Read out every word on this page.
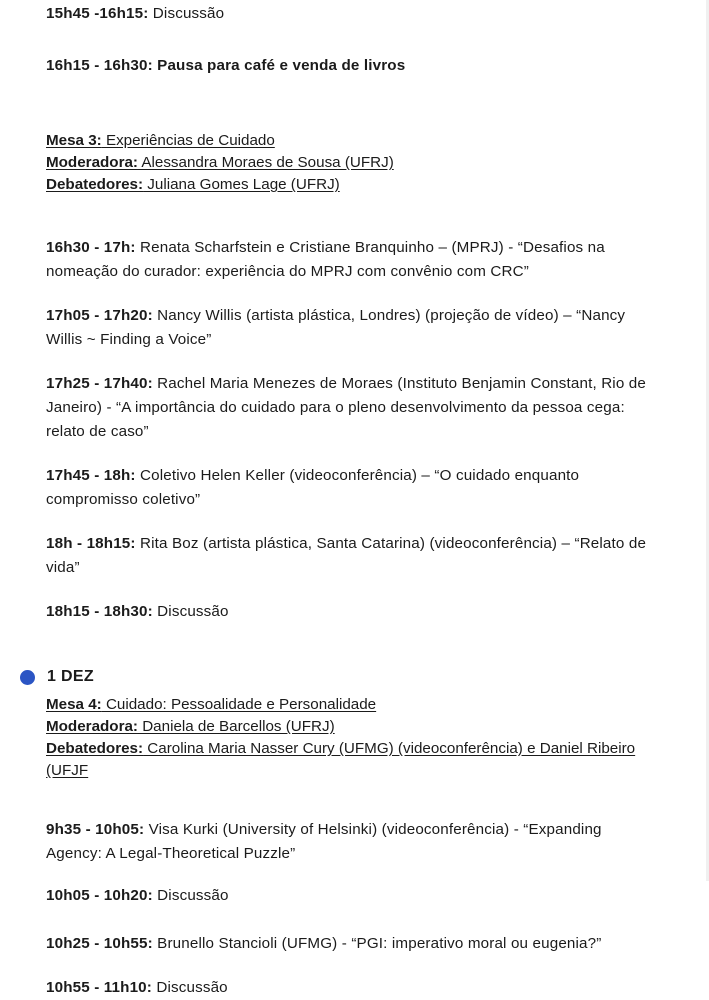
15h45 -16h15: Discussão

16h15 - 16h30: Pausa para café e venda de livros

Mesa 3: Experiências de Cuidado
Moderadora: Alessandra Moraes de Sousa (UFRJ)
Debatedores: Juliana Gomes Lage (UFRJ)

16h30 - 17h: Renata Scharfstein e Cristiane Branquinho – (MPRJ) - “Desafios na nomeação do curador: experiência do MPRJ com convênio com CRC”

17h05 - 17h20: Nancy Willis (artista plástica, Londres) (projeção de vídeo) – “Nancy Willis ~ Finding a Voice”

17h25 - 17h40: Rachel Maria Menezes de Moraes (Instituto Benjamin Constant, Rio de Janeiro) - “A importância do cuidado para o pleno desenvolvimento da pessoa cega: relato de caso”

17h45 - 18h: Coletivo Helen Keller (videoconferência) – “O cuidado enquanto compromisso coletivo”

18h - 18h15: Rita Boz (artista plástica, Santa Catarina) (videoconferência) – “Relato de vida”

18h15 - 18h30: Discussão

1 DEZ
Mesa 4: Cuidado: Pessoalidade e Personalidade
Moderadora: Daniela de Barcellos (UFRJ)
Debatedores: Carolina Maria Nasser Cury (UFMG) (videoconferência) e Daniel Ribeiro (UFJF

9h35 - 10h05: Visa Kurki (University of Helsinki) (videoconferência) - “Expanding Agency: A Legal-Theoretical Puzzle”

10h05 - 10h20: Discussão

10h25 - 10h55: Brunello Stancioli (UFMG) - “PGI: imperativo moral ou eugenia?”

10h55 - 11h10: Discussão
